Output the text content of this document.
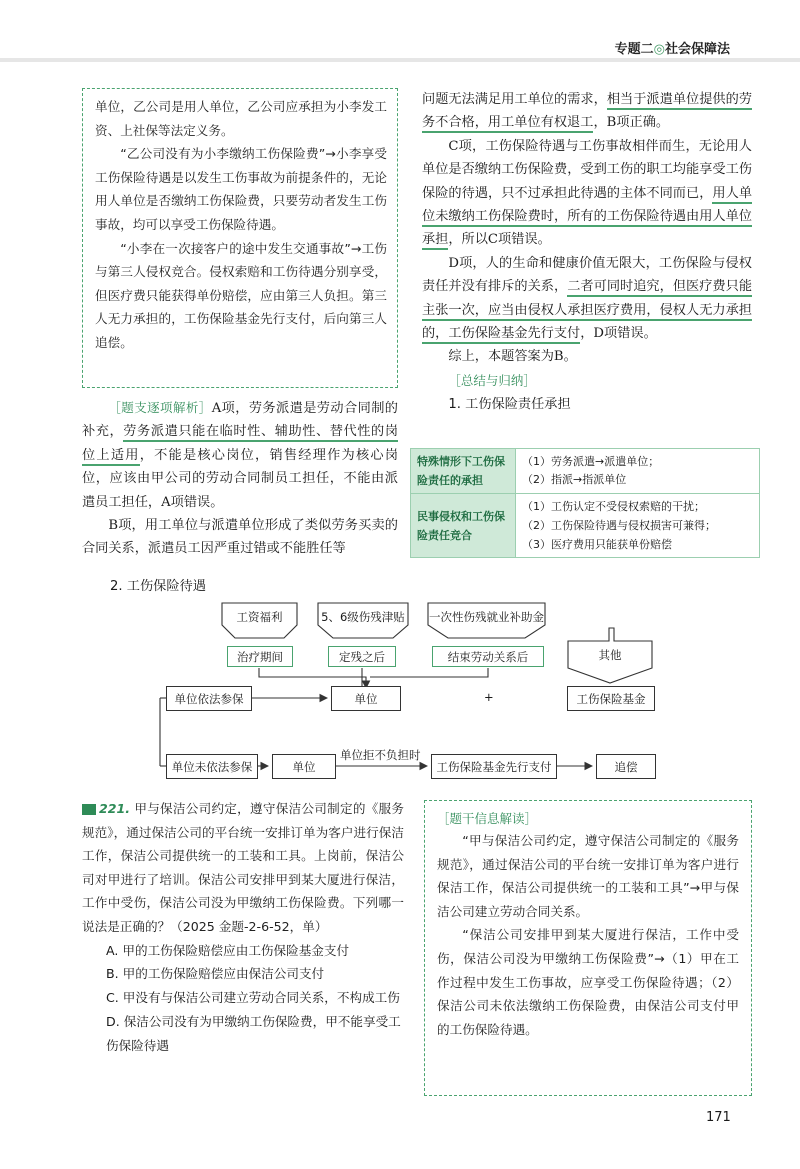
专题二◎社会保障法

单位，乙公司是用人单位，乙公司应承担为小李发工资、上社保等法定义务。

“乙公司没有为小李缴纳工伤保险费”→小李享受工伤保险待遇是以发生工伤事故为前提条件的，无论用人单位是否缴纳工伤保险费，只要劳动者发生工伤事故，均可以享受工伤保险待遇。

“小李在一次接客户的途中发生交通事故”→工伤与第三人侵权竞合。侵权索赔和工伤待遇分别享受，但医疗费只能获得单份赔偿，应由第三人负担。第三人无力承担的，工伤保险基金先行支付，后向第三人追偿。

［题支逐项解析］A项，劳务派遣是劳动合同制的补充，劳务派遣只能在临时性、辅助性、替代性的岗位上适用，不能是核心岗位，销售经理作为核心岗位，应该由甲公司的劳动合同制员工担任，不能由派遣员工担任，A项错误。

B项，用工单位与派遣单位形成了类似劳务买卖的合同关系，派遣员工因严重过错或不能胜任等

问题无法满足用工单位的需求，相当于派遣单位提供的劳务不合格，用工单位有权退工，B项正确。

C项，工伤保险待遇与工伤事故相伴而生，无论用人单位是否缴纳工伤保险费，受到工伤的职工均能享受工伤保险的待遇，只不过承担此待遇的主体不同而已，用人单位未缴纳工伤保险费时，所有的工伤保险待遇由用人单位承担，所以C项错误。

D项，人的生命和健康价值无限大，工伤保险与侵权责任并没有排斥的关系，二者可同时追究，但医疗费只能主张一次，应当由侵权人承担医疗费用，侵权人无力承担的，工伤保险基金先行支付，D项错误。

综上，本题答案为B。

［总结与归纳］

1. 工伤保险责任承担

特殊情形下工伤保险责任的承担	（1）劳务派遣→派遣单位；
（2）指派→指派单位

民事侵权和工伤保险责任竞合	（1）工伤认定不受侵权索赔的干扰；
（2）工伤保险待遇与侵权损害可兼得；
（3）医疗费用只能获单份赔偿
2. 工伤保险待遇
工资福利	5、6级伤残津贴 一次性伤残就业补助金
其他
治疗期间	定残之后	结束劳动关系后
单位依法参保	单位	+	工伤保险基金
单位未依法参保	单位
单位拒不负担时
工伤保险基金先行支付	追偿

221. 甲与保洁公司约定，遵守保洁公司制定的《服务规范》，通过保洁公司的平台统一安排订单为客户进行保洁工作，保洁公司提供统一的工装和工具。上岗前，保洁公司对甲进行了培训。保洁公司安排甲到某大厦进行保洁，工作中受伤，保洁公司没为甲缴纳工伤保险费。下列哪一说法是正确的？（2025 金题-2-6-52，单）

A. 甲的工伤保险赔偿应由工伤保险基金支付
B. 甲的工伤保险赔偿应由保洁公司支付
C. 甲没有与保洁公司建立劳动合同关系，不构成工伤
D. 保洁公司没有为甲缴纳工伤保险费，甲不能享受工伤保险待遇
［题干信息解读］

“甲与保洁公司约定，遵守保洁公司制定的《服务规范》，通过保洁公司的平台统一安排订单为客户进行保洁工作，保洁公司提供统一的工装和工具”→甲与保洁公司建立劳动合同关系。

“保洁公司安排甲到某大厦进行保洁，工作中受伤，保洁公司没为甲缴纳工伤保险费”→（1）甲在工作过程中发生工伤事故，应享受工伤保险待遇；（2）保洁公司未依法缴纳工伤保险费，由保洁公司支付甲的工伤保险待遇。

171
